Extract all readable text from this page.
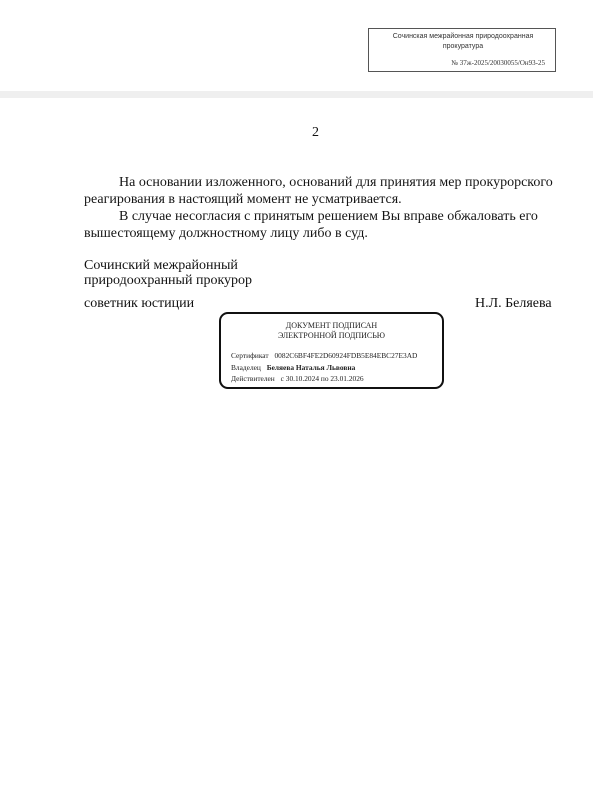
Сочинская межрайонная природоохранная
прокуратура
№ 37ж-2025/20030055/Он93-25
2

На основании изложенного, оснований для принятия мер прокурорского
реагирования в настоящий момент не усматривается.

В случае несогласия с принятым решением Вы вправе обжаловать его
вышестоящему должностному лицу либо в суд.

Сочинский межрайонный
природоохранный прокурор
советник юстиции	Н.Л. Беляева
ДОКУМЕНТ ПОДПИСАН
ЭЛЕКТРОННОЙ ПОДПИСЬЮ
Сертификат 0082C6BF4FE2D60924FDB5E84EBC27E3AD
Владелец Беляева Наталья Львовна
Действителен с 30.10.2024 по 23.01.2026
